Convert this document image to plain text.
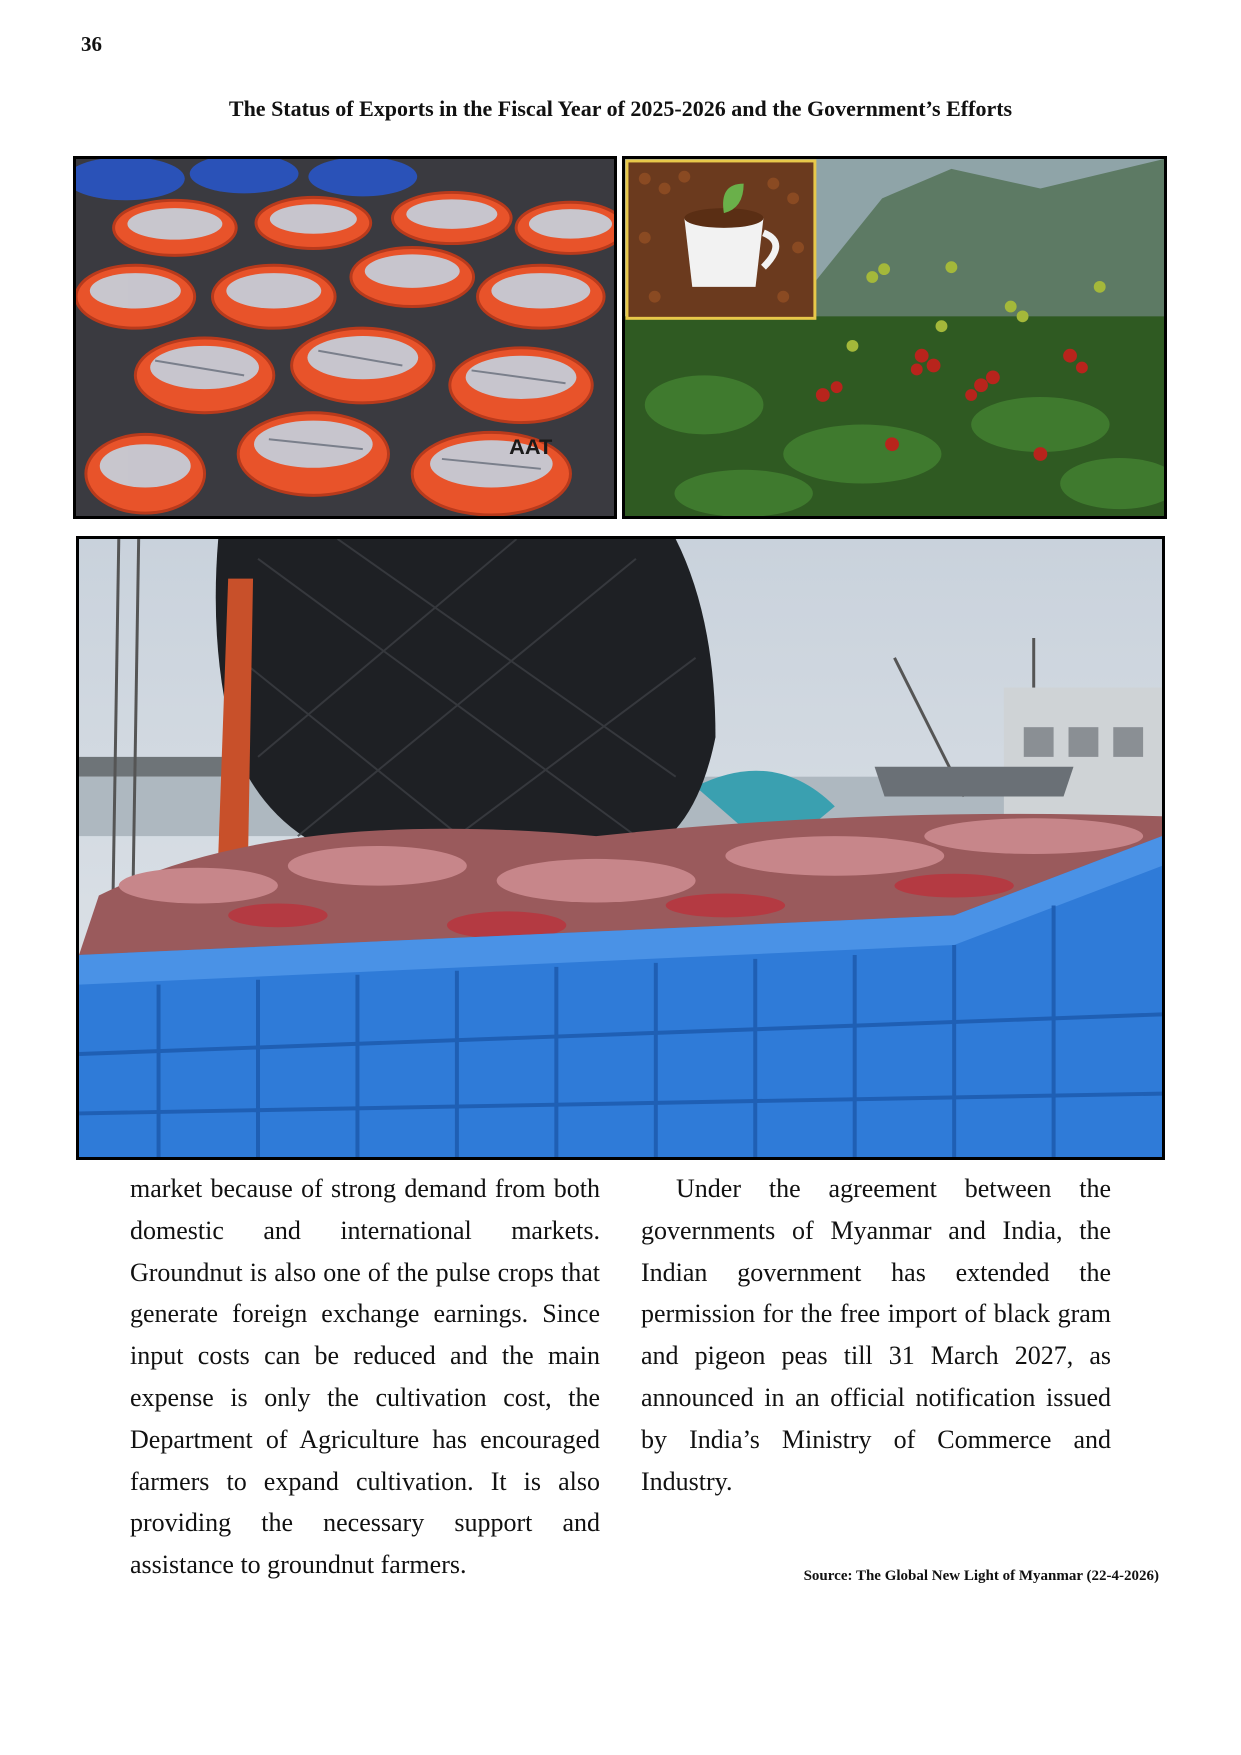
36
The Status of Exports in the Fiscal Year of 2025-2026 and the Government’s Efforts
AAT

market because of strong demand from both domestic and international markets. Groundnut is also one of the pulse crops that generate foreign exchange earnings. Since input costs can be reduced and the main expense is only the cultivation cost, the Department of Agriculture has encouraged farmers to expand cultivation. It is also providing the necessary support and assistance to groundnut farmers.

Under the agreement between the governments of Myanmar and India, the Indian government has extended the permission for the free import of black gram and pigeon peas till 31 March 2027, as announced in an official notification issued by India’s Ministry of Commerce and Industry.

Source: The Global New Light of Myanmar (22-4-2026)
